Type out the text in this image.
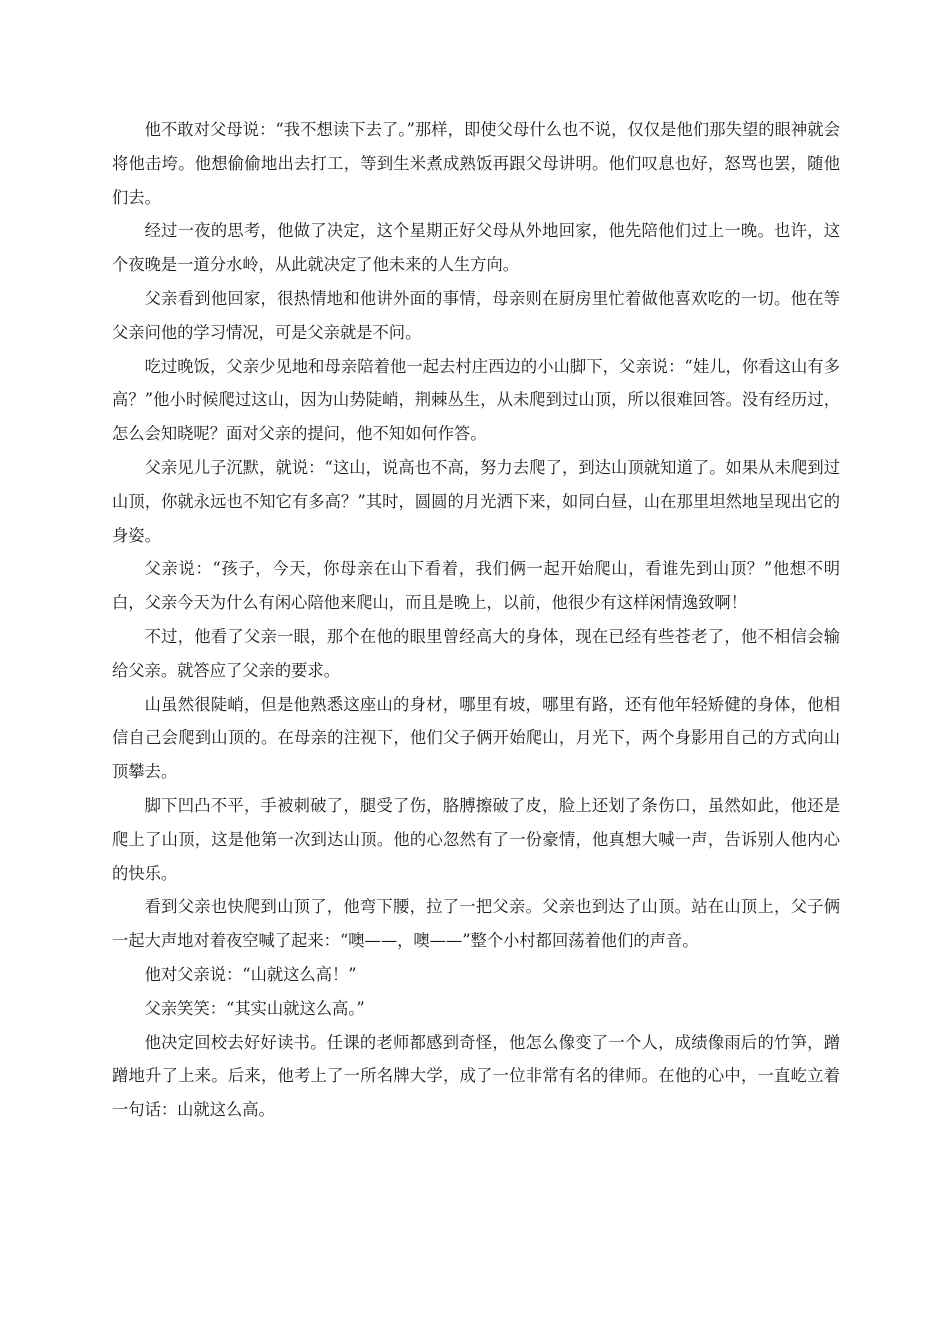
他不敢对父母说：“我不想读下去了。”那样，即使父母什么也不说，仅仅是他们那失望的眼神就会将他击垮。他想偷偷地出去打工，等到生米煮成熟饭再跟父母讲明。他们叹息也好，怒骂也罢，随他们去。

经过一夜的思考，他做了决定，这个星期正好父母从外地回家，他先陪他们过上一晚。也许，这个夜晚是一道分水岭，从此就决定了他未来的人生方向。

父亲看到他回家，很热情地和他讲外面的事情，母亲则在厨房里忙着做他喜欢吃的一切。他在等父亲问他的学习情况，可是父亲就是不问。

吃过晚饭，父亲少见地和母亲陪着他一起去村庄西边的小山脚下，父亲说：“娃儿，你看这山有多高？”他小时候爬过这山，因为山势陡峭，荆棘丛生，从未爬到过山顶，所以很难回答。没有经历过，怎么会知晓呢？面对父亲的提问，他不知如何作答。

父亲见儿子沉默，就说：“这山，说高也不高，努力去爬了，到达山顶就知道了。如果从未爬到过山顶，你就永远也不知它有多高？”其时，圆圆的月光洒下来，如同白昼，山在那里坦然地呈现出它的身姿。

父亲说：“孩子，今天，你母亲在山下看着，我们俩一起开始爬山，看谁先到山顶？”他想不明白，父亲今天为什么有闲心陪他来爬山，而且是晚上，以前，他很少有这样闲情逸致啊！

不过，他看了父亲一眼，那个在他的眼里曾经高大的身体，现在已经有些苍老了，他不相信会输给父亲。就答应了父亲的要求。

山虽然很陡峭，但是他熟悉这座山的身材，哪里有坡，哪里有路，还有他年轻矫健的身体，他相信自己会爬到山顶的。在母亲的注视下，他们父子俩开始爬山，月光下，两个身影用自己的方式向山顶攀去。

脚下凹凸不平，手被刺破了，腿受了伤，胳膊擦破了皮，脸上还划了条伤口，虽然如此，他还是爬上了山顶，这是他第一次到达山顶。他的心忽然有了一份豪情，他真想大喊一声，告诉别人他内心的快乐。

看到父亲也快爬到山顶了，他弯下腰，拉了一把父亲。父亲也到达了山顶。站在山顶上，父子俩一起大声地对着夜空喊了起来：“噢——，噢——”整个小村都回荡着他们的声音。

他对父亲说：“山就这么高！”

父亲笑笑：“其实山就这么高。”

他决定回校去好好读书。任课的老师都感到奇怪，他怎么像变了一个人，成绩像雨后的竹笋，蹭蹭地升了上来。后来，他考上了一所名牌大学，成了一位非常有名的律师。在他的心中，一直屹立着一句话：山就这么高。
